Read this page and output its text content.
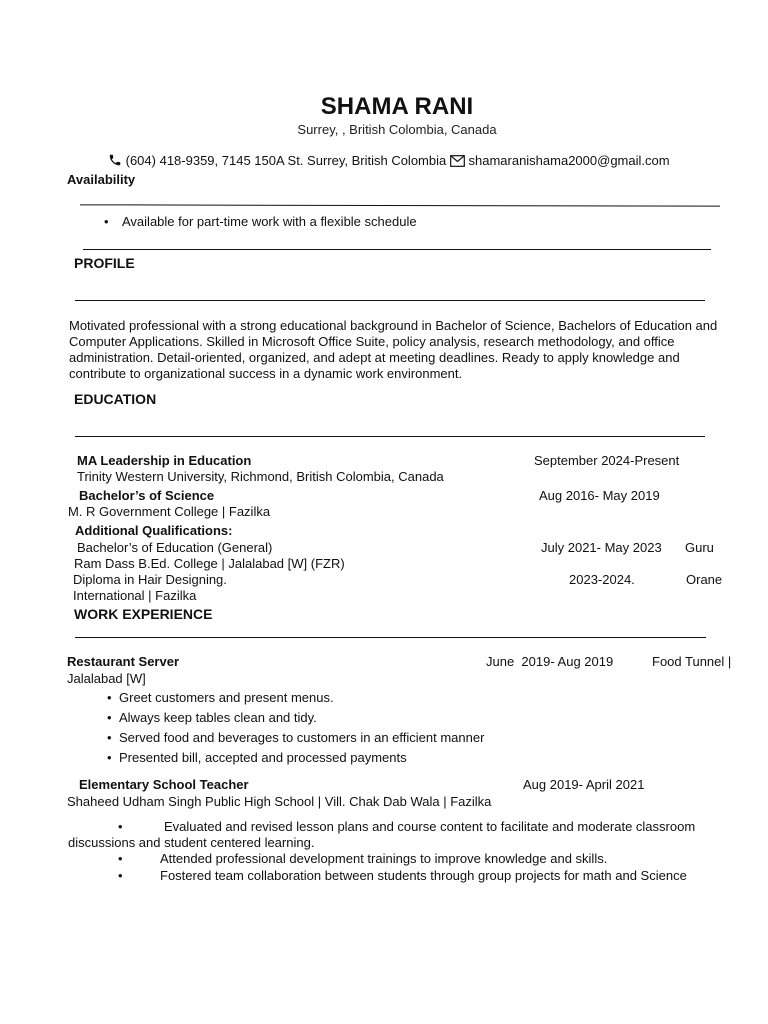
SHAMA RANI
Surrey, , British Colombia, Canada
(604) 418-9359, 7145 150A St. Surrey, British Colombia shamaranishama2000@gmail.com
Availability
• Available for part-time work with a flexible schedule
PROFILE
Motivated professional with a strong educational background in Bachelor of Science, Bachelors of Education and Computer Applications. Skilled in Microsoft Office Suite, policy analysis, research methodology, and office administration. Detail-oriented, organized, and adept at meeting deadlines. Ready to apply knowledge and contribute to organizational success in a dynamic work environment.
EDUCATION
MA Leadership in Education	September 2024-Present
Trinity Western University, Richmond, British Colombia, Canada
Bachelor’s of Science	Aug 2016- May 2019
M. R Government College | Fazilka
Additional Qualifications:
Bachelor’s of Education (General)	July 2021- May 2023 Guru
Ram Dass B.Ed. College | Jalalabad [W] (FZR)
Diploma in Hair Designing.	2023-2024.	Orane
International | Fazilka
WORK EXPERIENCE
Restaurant Server	June  2019- Aug 2019	Food Tunnel |
Jalalabad [W]
• Greet customers and present menus.
• Always keep tables clean and tidy.
• Served food and beverages to customers in an efficient manner
• Presented bill, accepted and processed payments
Elementary School Teacher	Aug 2019- April 2021
Shaheed Udham Singh Public High School | Vill. Chak Dab Wala | Fazilka
•	Evaluated and revised lesson plans and course content to facilitate and moderate classroom discussions and student centered learning.
•	Attended professional development trainings to improve knowledge and skills.
•	Fostered team collaboration between students through group projects for math and Science
